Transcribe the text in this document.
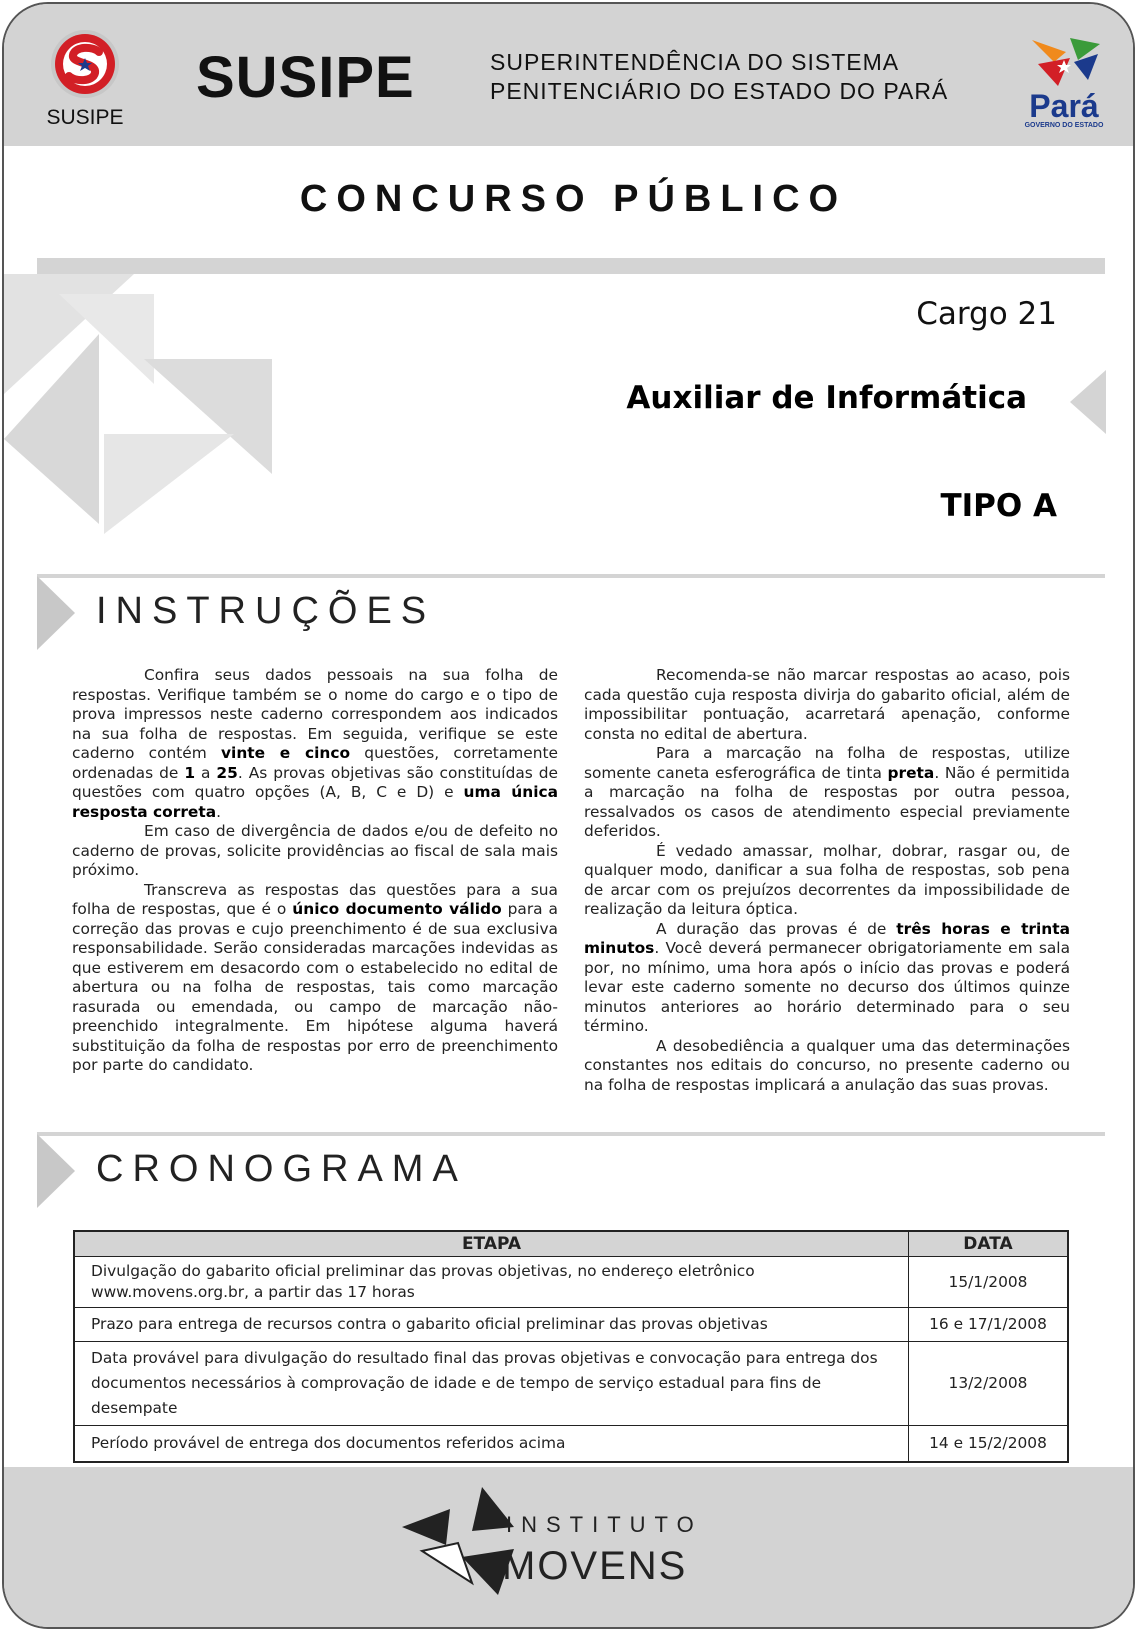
SUSIPE
SUSIPE	SUPERINTENDÊNCIA DO SISTEMA
PENITENCIÁRIO DO ESTADO DO PARÁ	Pará
GOVERNO DO ESTADO
CONCURSO PÚBLICO
Cargo 21
Auxiliar de Informática
TIPO A
INSTRUÇÕES

Confira seus dados pessoais na sua folha de respostas. Verifique também se o nome do cargo e o tipo de prova impressos neste caderno correspondem aos indicados na sua folha de respostas. Em seguida, verifique se este caderno contém vinte e cinco questões, corretamente ordenadas de 1 a 25. As provas objetivas são constituídas de questões com quatro opções (A, B, C e D) e uma única resposta correta.

Em caso de divergência de dados e/ou de defeito no caderno de provas, solicite providências ao fiscal de sala mais próximo.

Transcreva as respostas das questões para a sua folha de respostas, que é o único documento válido para a correção das provas e cujo preenchimento é de sua exclusiva responsabilidade. Serão consideradas marcações indevidas as que estiverem em desacordo com o estabelecido no edital de abertura ou na folha de respostas, tais como marcação rasurada ou emendada, ou campo de marcação não-preenchido integralmente. Em hipótese alguma haverá substituição da folha de respostas por erro de preenchimento por parte do candidato.

Recomenda-se não marcar respostas ao acaso, pois cada questão cuja resposta divirja do gabarito oficial, além de impossibilitar pontuação, acarretará apenação, conforme consta no edital de abertura.

Para a marcação na folha de respostas, utilize somente caneta esferográfica de tinta preta. Não é permitida a marcação na folha de respostas por outra pessoa, ressalvados os casos de atendimento especial previamente deferidos.

É vedado amassar, molhar, dobrar, rasgar ou, de qualquer modo, danificar a sua folha de respostas, sob pena de arcar com os prejuízos decorrentes da impossibilidade de realização da leitura óptica.

A duração das provas é de três horas e trinta minutos. Você deverá permanecer obrigatoriamente em sala por, no mínimo, uma hora após o início das provas e poderá levar este caderno somente no decurso dos últimos quinze minutos anteriores ao horário determinado para o seu término.

A desobediência a qualquer uma das determinações constantes nos editais do concurso, no presente caderno ou na folha de respostas implicará a anulação das suas provas.

CRONOGRAMA
ETAPA	DATA

Divulgação do gabarito oficial preliminar das provas objetivas, no endereço eletrônico
www.movens.org.br, a partir das 17 horas	15/1/2008
Prazo para entrega de recursos contra o gabarito oficial preliminar das provas objetivas	16 e 17/1/2008

Data provável para divulgação do resultado final das provas objetivas e convocação para entrega dos
documentos necessários à comprovação de idade e de tempo de serviço estadual para fins de desempate	13/2/2008
Período provável de entrega dos documentos referidos acima	14 e 15/2/2008
INSTITUTO
MOVENS
